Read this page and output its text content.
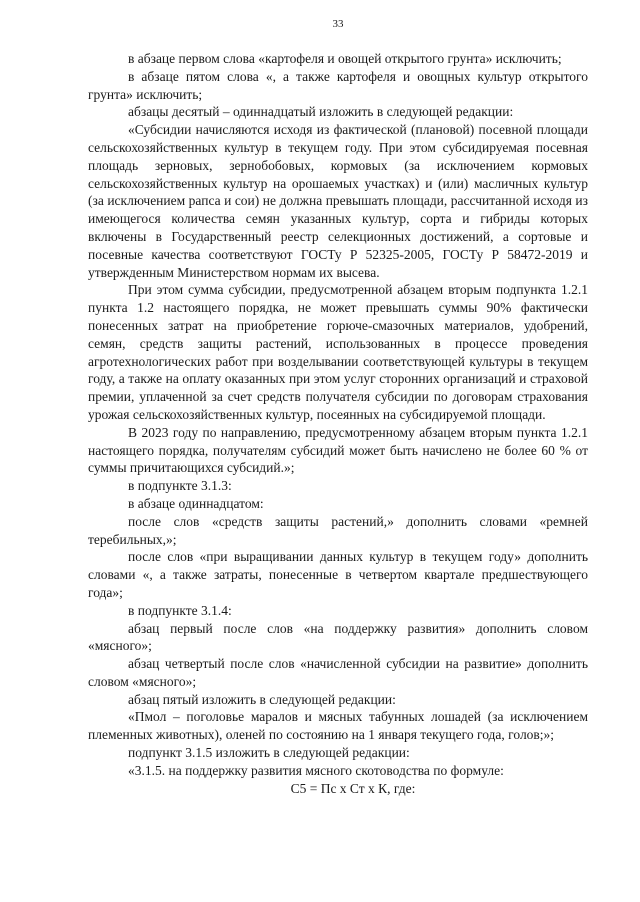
33

в абзаце первом слова «картофеля и овощей открытого грунта» исключить;

в абзаце пятом слова «, а также картофеля и овощных культур открытого грунта» исключить;

абзацы десятый – одиннадцатый изложить в следующей редакции:

«Субсидии начисляются исходя из фактической (плановой) посевной площади сельскохозяйственных культур в текущем году. При этом субсидируемая посевная площадь зерновых, зернобобовых, кормовых (за исключением кормовых сельскохозяйственных культур на орошаемых участках) и (или) масличных культур (за исключением рапса и сои) не должна превышать площади, рассчитанной исходя из имеющегося количества семян указанных культур, сорта и гибриды которых включены в Государственный реестр селекционных достижений, а сортовые и посевные качества соответствуют ГОСТу Р 52325-2005, ГОСТу Р 58472-2019 и утвержденным Министерством нормам их высева.

При этом сумма субсидии, предусмотренной абзацем вторым подпункта 1.2.1 пункта 1.2 настоящего порядка, не может превышать суммы 90% фактически понесенных затрат на приобретение горюче-смазочных материалов, удобрений, семян, средств защиты растений, использованных в процессе проведения агротехнологических работ при возделывании соответствующей культуры в текущем году, а также на оплату оказанных при этом услуг сторонних организаций и страховой премии, уплаченной за счет средств получателя субсидии по договорам страхования урожая сельскохозяйственных культур, посеянных на субсидируемой площади.

В 2023 году по направлению, предусмотренному абзацем вторым пункта 1.2.1 настоящего порядка, получателям субсидий может быть начислено не более 60 % от суммы причитающихся субсидий.»;

в подпункте 3.1.3:

в абзаце одиннадцатом:

после слов «средств защиты растений,» дополнить словами «ремней теребильных,»;

после слов «при выращивании данных культур в текущем году» дополнить словами «, а также затраты, понесенные в четвертом квартале предшествующего года»;

в подпункте 3.1.4:

абзац первый после слов «на поддержку развития» дополнить словом «мясного»;

абзац четвертый после слов «начисленной субсидии на развитие» дополнить словом «мясного»;

абзац пятый изложить в следующей редакции:

«Пмол – поголовье маралов и мясных табунных лошадей (за исключением племенных животных), оленей по состоянию на 1 января текущего года, голов;»;

подпункт 3.1.5 изложить в следующей редакции:

«3.1.5. на поддержку развития мясного скотоводства по формуле:

С5 = Пс х Ст х К, где:
